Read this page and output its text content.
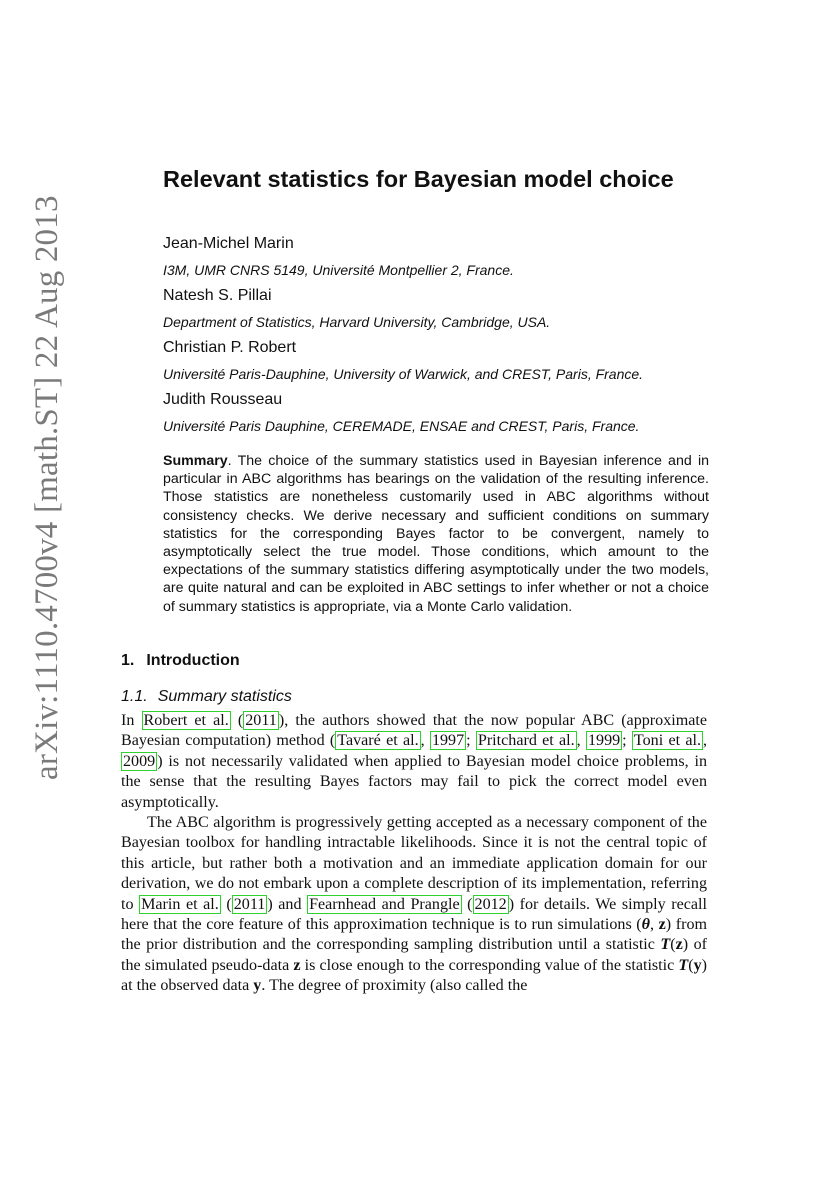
arXiv:1110.4700v4 [math.ST] 22 Aug 2013
Relevant statistics for Bayesian model choice
Jean-Michel Marin
I3M, UMR CNRS 5149, Université Montpellier 2, France.
Natesh S. Pillai
Department of Statistics, Harvard University, Cambridge, USA.
Christian P. Robert
Université Paris-Dauphine, University of Warwick, and CREST, Paris, France.
Judith Rousseau
Université Paris Dauphine, CEREMADE, ENSAE and CREST, Paris, France.
Summary. The choice of the summary statistics used in Bayesian inference and in particular in ABC algorithms has bearings on the validation of the resulting inference. Those statistics are nonetheless customarily used in ABC algorithms without consistency checks. We derive necessary and sufficient conditions on summary statistics for the corresponding Bayes factor to be convergent, namely to asymptotically select the true model. Those conditions, which amount to the expectations of the summary statistics differing asymptotically under the two models, are quite natural and can be exploited in ABC settings to infer whether or not a choice of summary statistics is appropriate, via a Monte Carlo validation.
1. Introduction
1.1. Summary statistics
In Robert et al. ( 2011 ), the authors showed that the now popular ABC (approximate Bayesian computation) method ( Tavaré et al. , 1997 ; Pritchard et al. , 1999 ; Toni et al. , 2009 ) is not necessarily validated when applied to Bayesian model choice problems, in the sense that the resulting Bayes factors may fail to pick the correct model even asymptotically.
The ABC algorithm is progressively getting accepted as a necessary component of the Bayesian toolbox for handling intractable likelihoods. Since it is not the central topic of this article, but rather both a motivation and an immediate application domain for our derivation, we do not embark upon a complete description of its implementation, referring to Marin et al. ( 2011 ) and Fearnhead and Prangle ( 2012 ) for details. We simply recall here that the core feature of this approximation technique is to run simulations (θ, z) from the prior distribution and the corresponding sampling distribution until a statistic T(z) of the simulated pseudo-data z is close enough to the corresponding value of the statistic T(y) at the observed data y. The degree of proximity (also called the
